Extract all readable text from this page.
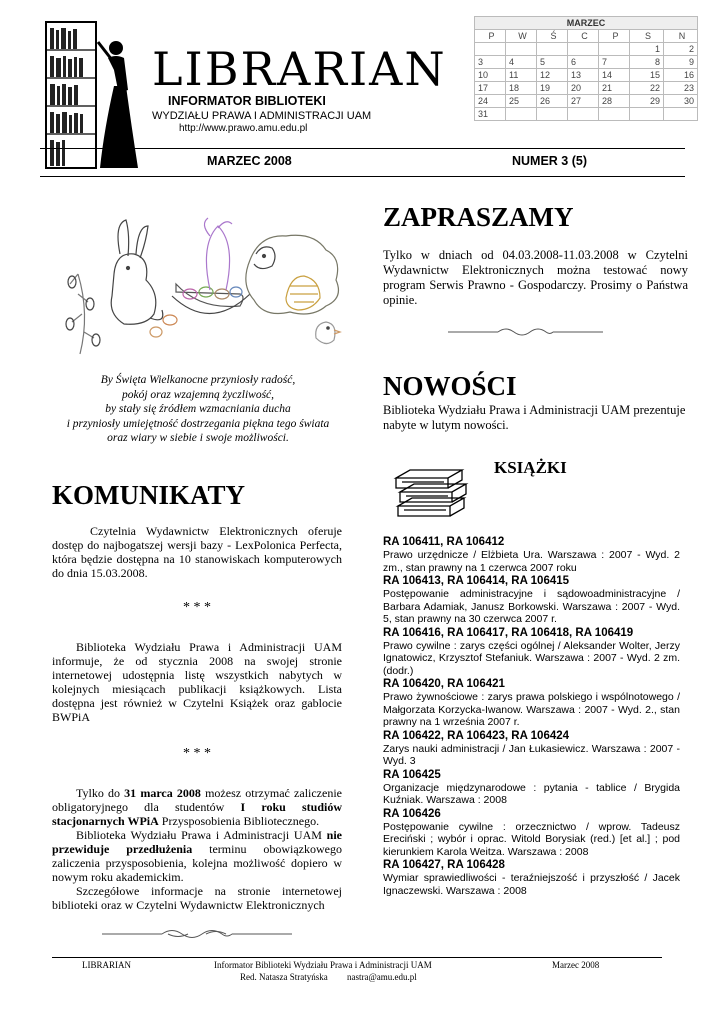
LIBRARIAN
INFORMATOR BIBLIOTEKI
WYDZIAŁU PRAWA I ADMINISTRACJI UAM
http://www.prawo.amu.edu.pl
MARZEC						
P	W	Ś	C	P	S	N
					1	2
3	4	5	6	7	8	9
10	11	12	13	14	15	16
17	18	19	20	21	22	23
24	25	26	27	28	29	30
31						
MARZEC 2008	NUMER 3 (5)
By Święta Wielkanocne przyniosły radość,
pokój oraz wzajemną życzliwość,
by stały się źródłem wzmacniania ducha
i przyniosły umiejętność dostrzegania piękna tego świata
oraz wiary w siebie i swoje możliwości.
KOMUNIKATY

Czytelnia Wydawnictw Elektronicznych oferuje dostęp do najbogatszej wersji bazy - LexPolonica Perfecta, która będzie dostępna na 10 stanowiskach komputerowych do dnia 15.03.2008.

* * *

Biblioteka Wydziału Prawa i Administracji UAM informuje, że od stycznia 2008 na swojej stronie internetowej udostępnia listę wszystkich nabytych w kolejnych miesiącach publikacji książkowych. Lista dostępna jest również w Czytelni Książek oraz gablocie BWPiA

* * *

Tylko do 31 marca 2008 możesz otrzymać zaliczenie obligatoryjnego dla studentów I roku studiów stacjonarnych WPiA Przysposobienia Bibliotecznego.

Biblioteka Wydziału Prawa i Administracji UAM nie przewiduje przedłużenia terminu obowiązkowego zaliczenia przysposobienia, kolejna możliwość dopiero w nowym roku akademickim.

Szczegółowe informacje na stronie internetowej biblioteki oraz w Czytelni Wydawnictw Elektronicznych

ZAPRASZAMY

Tylko w dniach od 04.03.2008-11.03.2008 w Czytelni Wydawnictw Elektronicznych można testować nowy program Serwis Prawno - Gospodarczy. Prosimy o Państwa opinie.

NOWOŚCI

Biblioteka Wydziału Prawa i Administracji UAM prezentuje nabyte w lutym nowości.

KSIĄŻKI
RA 106411, RA 106412
Prawo urzędnicze / Elżbieta Ura. Warszawa : 2007 - Wyd. 2 zm., stan prawny na 1 czerwca 2007 roku
RA 106413, RA 106414, RA 106415
Postępowanie administracyjne i sądowoadministracyjne / Barbara Adamiak, Janusz Borkowski. Warszawa : 2007 - Wyd. 5, stan prawny na 30 czerwca 2007 r.
RA 106416, RA 106417, RA 106418, RA 106419
Prawo cywilne : zarys części ogólnej / Aleksander Wolter, Jerzy Ignatowicz, Krzysztof Stefaniuk. Warszawa : 2007 - Wyd. 2 zm. (dodr.)
RA 106420, RA 106421
Prawo żywnościowe : zarys prawa polskiego i wspólnotowego / Małgorzata Korzycka-Iwanow. Warszawa : 2007 - Wyd. 2., stan prawny na 1 września 2007 r.
RA 106422, RA 106423, RA 106424
Zarys nauki administracji / Jan Łukasiewicz. Warszawa : 2007 - Wyd. 3
RA 106425
Organizacje międzynarodowe : pytania - tablice / Brygida Kuźniak. Warszawa : 2008
RA 106426
Postępowanie cywilne : orzecznictwo / wprow. Tadeusz Ereciński ; wybór i oprac. Witold Borysiak (red.) [et al.] ; pod kierunkiem Karola Weitza. Warszawa : 2008
RA 106427, RA 106428
Wymiar sprawiedliwości - teraźniejszość i przyszłość / Jacek Ignaczewski. Warszawa : 2008
LIBRARIAN	Informator Biblioteki Wydziału Prawa i Administracji UAM	Marzec 2008
Red. Natasza Stratyńska nastra@amu.edu.pl
